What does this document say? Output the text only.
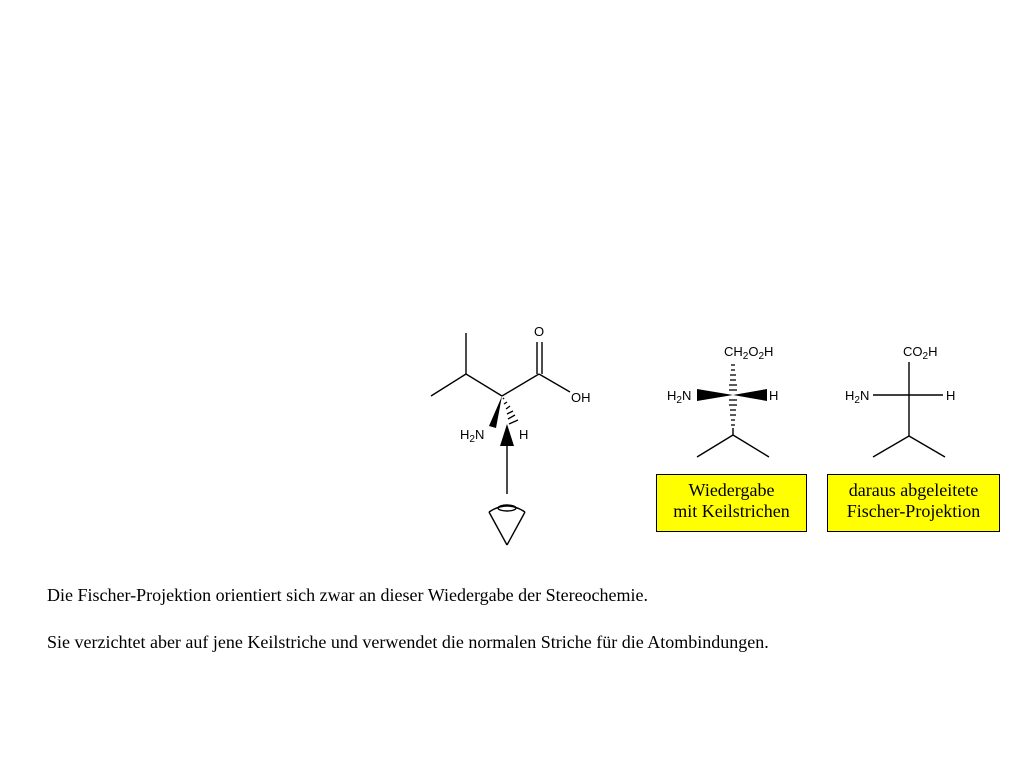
O
OH
$H_2N$	H
$CH_2O_2H$
$H_2N$	H
$CO_2H$
$H_2N$	H
Wiedergabe
mit Keilstrichen
daraus abgeleitete
Fischer-Projektion
Die Fischer-Projektion orientiert sich zwar an dieser Wiedergabe der Stereochemie.
Sie verzichtet aber auf jene Keilstriche und verwendet die normalen Striche für die Atombindungen.
